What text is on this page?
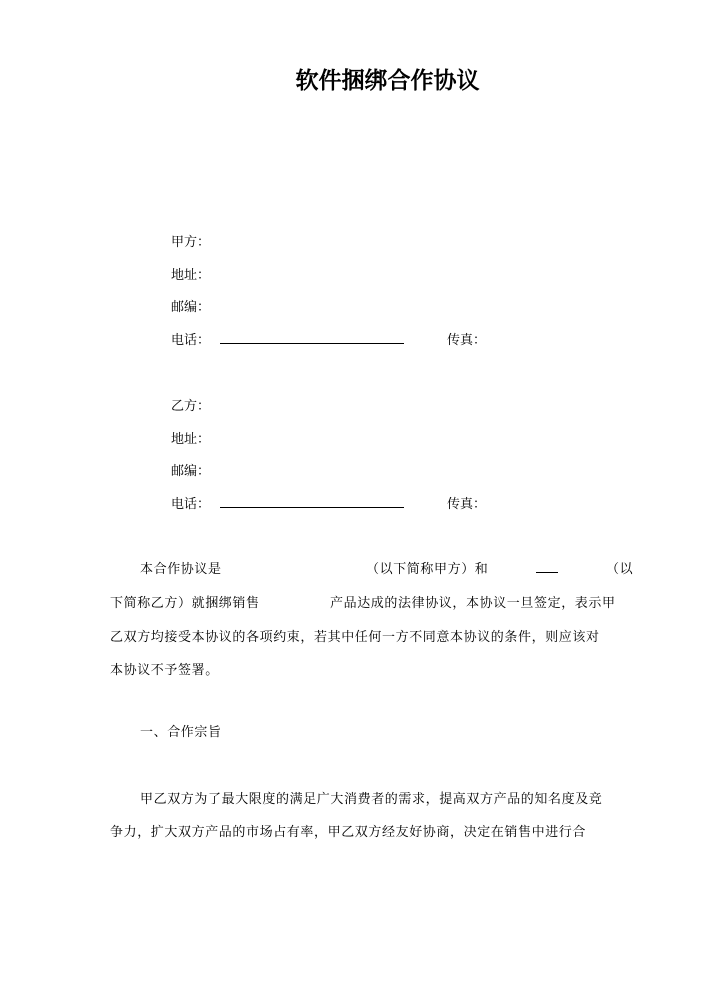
软件捆绑合作协议
甲方：
地址：
邮编：
电话：	传真：
乙方：
地址：
邮编：
电话：	传真：
本合作协议是	（以下简称甲方）和	（以
下简称乙方）就捆绑销售	产品达成的法律协议，本协议一旦签定，表示甲
乙双方均接受本协议的各项约束，若其中任何一方不同意本协议的条件，则应该对
本协议不予签署。
一、合作宗旨
甲乙双方为了最大限度的满足广大消费者的需求，提高双方产品的知名度及竞
争力，扩大双方产品的市场占有率，甲乙双方经友好协商，决定在销售中进行合
